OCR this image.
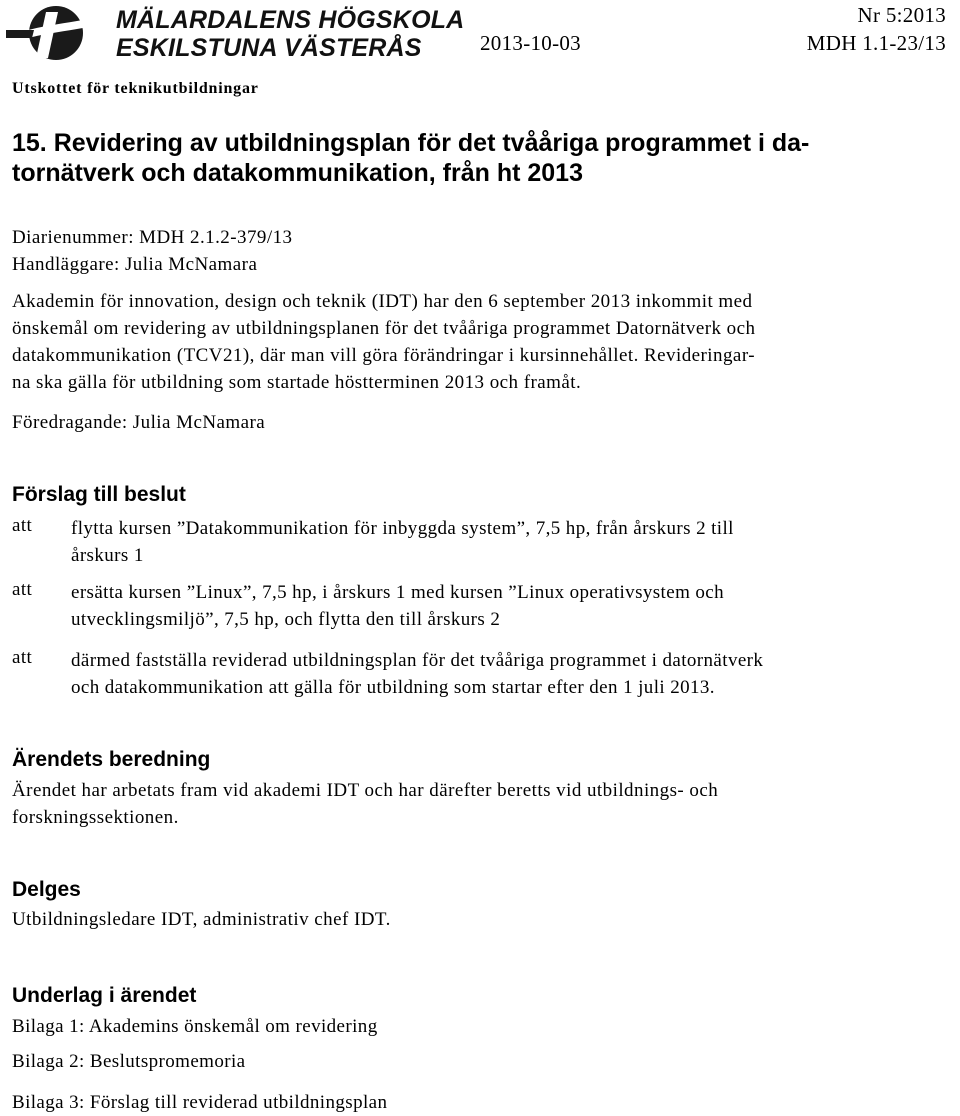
MÄLARDALENS HÖGSKOLA
ESKILSTUNA VÄSTERÅS
Nr 5:2013
2013-10-03	MDH 1.1-23/13
Utskottet för teknikutbildningar
15. Revidering av utbildningsplan för det tvååriga programmet i da-
tornätverk och datakommunikation, från ht 2013
Diarienummer: MDH 2.1.2-379/13
Handläggare: Julia McNamara
Akademin för innovation, design och teknik (IDT) har den 6 september 2013 inkommit med
önskemål om revidering av utbildningsplanen för det tvååriga programmet Datornätverk och
datakommunikation (TCV21), där man vill göra förändringar i kursinnehållet. Revideringar-
na ska gälla för utbildning som startade höstterminen 2013 och framåt.
Föredragande: Julia McNamara
Förslag till beslut
att flytta kursen ”Datakommunikation för inbyggda system”, 7,5 hp, från årskurs 2 till
årskurs 1
att ersätta kursen ”Linux”, 7,5 hp, i årskurs 1 med kursen ”Linux operativsystem och
utvecklingsmiljö”, 7,5 hp, och flytta den till årskurs 2
att därmed fastställa reviderad utbildningsplan för det tvååriga programmet i datornätverk
och datakommunikation att gälla för utbildning som startar efter den 1 juli 2013.
Ärendets beredning
Ärendet har arbetats fram vid akademi IDT och har därefter beretts vid utbildnings- och
forskningssektionen.
Delges
Utbildningsledare IDT, administrativ chef IDT.
Underlag i ärendet
Bilaga 1: Akademins önskemål om revidering
Bilaga 2: Beslutspromemoria
Bilaga 3: Förslag till reviderad utbildningsplan
